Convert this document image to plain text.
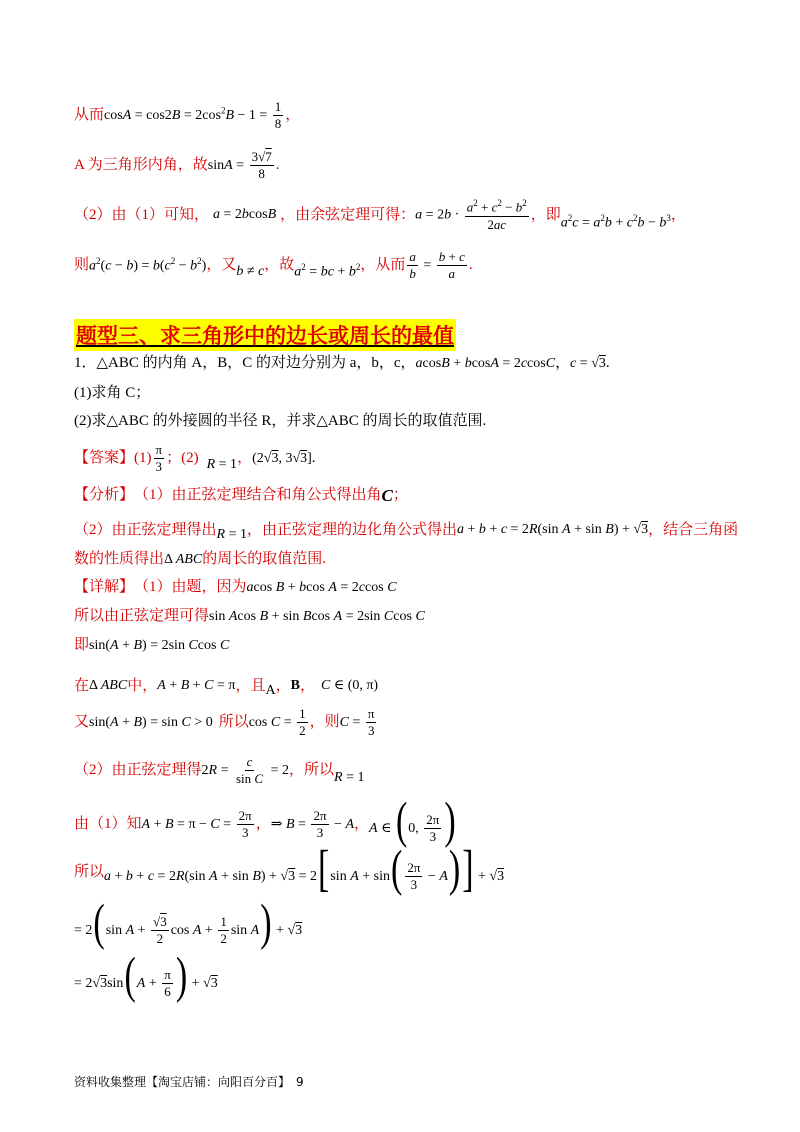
从而 $\cos A = \cos 2B = 2\cos^2B - 1 = \frac{1}{8}$ ，
A 为三角形内角，故 $\sin A = \frac{3√7}{8}$ .
（2）由（1）可知， a = 2bcosB ，由余弦定理可得： $a = 2b \cdot \frac{a^2 + c^2 - b^2}{2ac}$ ，即
$a^2c = a^2b + c^2b - b^3$ ，
则 $a^2(c - b) = b(c^2 - b^2)$ ，又 b ≠ c ，故 $a^2$ = bc + $b^2$ ，从而 $\frac{a}{b} = \frac{b + c}{a}$ .
题型三、求三角形中的边长或周长的最值
1．△ABC 的内角 A，B，C 的对边分别为 a，b，c， acosB + bcosA = 2ccosC ， c = √3 .
(1)求角 C；
(2)求△ABC 的外接圆的半径 R，并求△ABC 的周长的取值范围.
【答案】 $(1) \frac{\pi}{3}$ ；(2) R = 1 ， (2√3, 3√3] .
【分析】 （1）由正弦定理结合和角公式得出角 C ；
（2）由正弦定理得出 R = 1 ，由正弦定理的边化角公式得出 a + b + c = 2R(sin A + sin B) + √3 ，结合三角函
数的性质得出 Δ ABC 的周长的取值范围.
【详解】 （1）由题，因为 acos B + bcos A = 2ccos C
所以由正弦定理可得 sin Acos B + sin Bcos A = 2sin Ccos C
即 sin(A + B) = 2sin Ccos C
在 Δ ABC 中， A + B + C = π ，且 A ， B ， C ∈ (0, π)
又 sin(A + B) = sin C > 0 所以 $\cos C = \frac{1}{2}$ ，则 $C = \frac{\pi}{3}$
（2）由正弦定理得 $2R = \frac{c}{\text{sin C}} = 2$ ，所以 R = 1
由（1）知 $A + B = \pi - C = \frac{2\pi}{3}$ ， ⇒ $B = \frac{2\pi}{3} - A$ ， A ∈ (0, $\frac{2\pi}{3}$ )
所以 a + b + c = 2R(sin A + sin B) + √3 = 2[sin $A + \sin( \frac{2\pi}{3} - A)] + √3$
= 2(sin $A + \frac{√3}{2}$ $\cos A + \frac{1}{2}$ sin A) + √3
= $2√3\sin(A + \frac{\pi}{6}$ ) + √3
资料收集整理【淘宝店铺：向阳百分百】　9
